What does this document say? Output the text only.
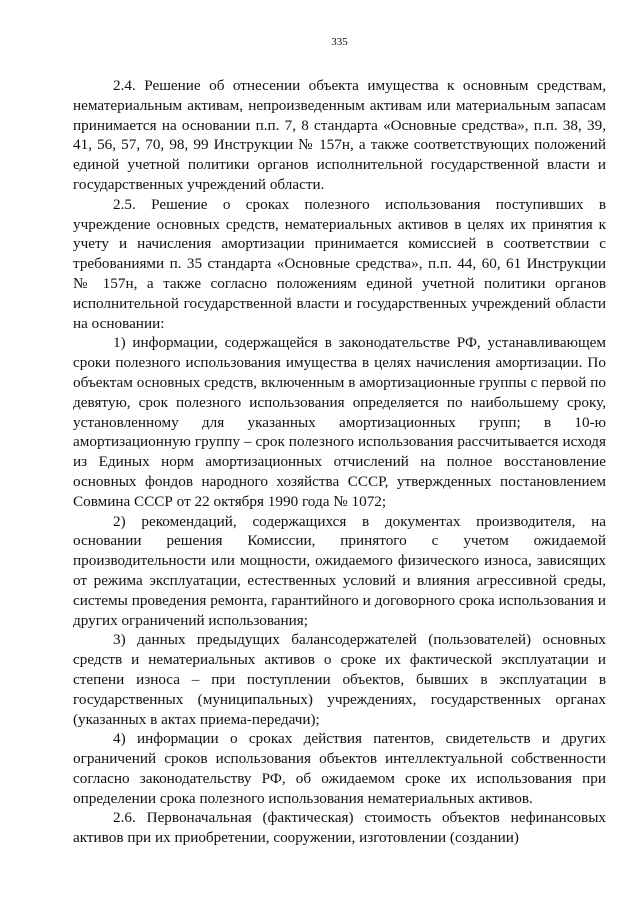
335

2.4. Решение об отнесении объекта имущества к основным средствам, нематериальным активам, непроизведенным активам или материальным запасам принимается на основании п.п. 7, 8 стандарта «Основные средства», п.п. 38, 39, 41, 56, 57, 70, 98, 99 Инструкции № 157н, а также соответствующих положений единой учетной политики органов исполнительной государственной власти и государственных учреждений области.

2.5. Решение о сроках полезного использования поступивших в учреждение основных средств, нематериальных активов в целях их принятия к учету и начисления амортизации принимается комиссией в соответствии с требованиями п. 35 стандарта «Основные средства», п.п. 44, 60, 61 Инструкции № 157н, а также согласно положениям единой учетной политики органов исполнительной государственной власти и государственных учреждений области на основании:

1) информации, содержащейся в законодательстве РФ, устанавливающем сроки полезного использования имущества в целях начисления амортизации. По объектам основных средств, включенным в амортизационные группы с первой по девятую, срок полезного использования определяется по наибольшему сроку, установленному для указанных амортизационных групп; в 10-ю амортизационную группу – срок полезного использования рассчитывается исходя из Единых норм амортизационных отчислений на полное восстановление основных фондов народного хозяйства СССР, утвержденных постановлением Совмина СССР от 22 октября 1990 года № 1072;

2) рекомендаций, содержащихся в документах производителя, на основании решения Комиссии, принятого с учетом ожидаемой производительности или мощности, ожидаемого физического износа, зависящих от режима эксплуатации, естественных условий и влияния агрессивной среды, системы проведения ремонта, гарантийного и договорного срока использования и других ограничений использования;

3) данных предыдущих балансодержателей (пользователей) основных средств и нематериальных активов о сроке их фактической эксплуатации и степени износа – при поступлении объектов, бывших в эксплуатации в государственных (муниципальных) учреждениях, государственных органах (указанных в актах приема-передачи);

4) информации о сроках действия патентов, свидетельств и других ограничений сроков использования объектов интеллектуальной собственности согласно законодательству РФ, об ожидаемом сроке их использования при определении срока полезного использования нематериальных активов.

2.6. Первоначальная (фактическая) стоимость объектов нефинансовых активов при их приобретении, сооружении, изготовлении (создании)
